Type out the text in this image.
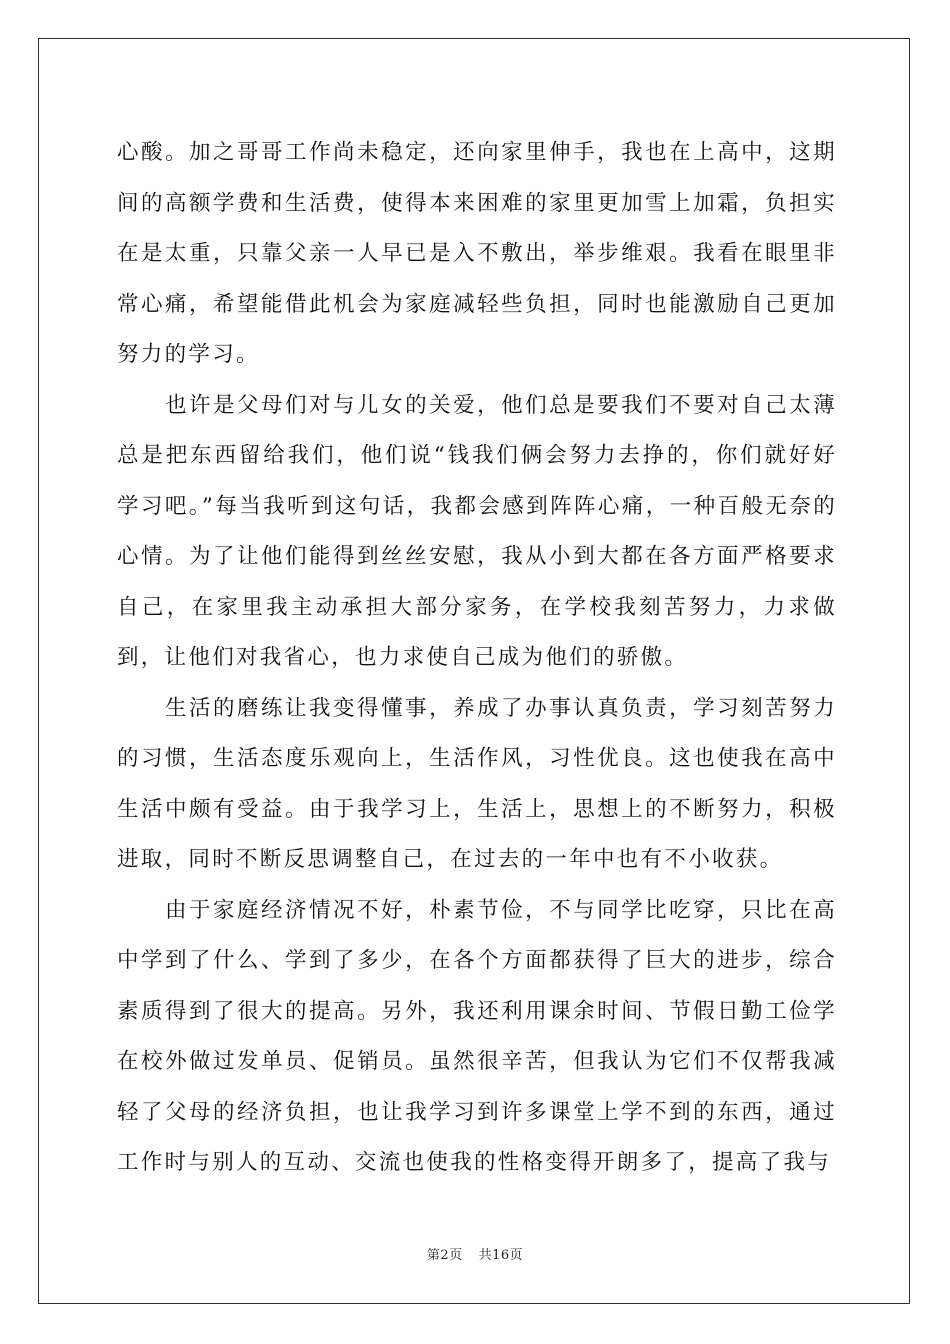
心酸。加之哥哥工作尚未稳定，还向家里伸手，我也在上高中，这期间的高额学费和生活费，使得本来困难的家里更加雪上加霜，负担实在是太重，只靠父亲一人早已是入不敷出，举步维艰。我看在眼里非常心痛，希望能借此机会为家庭减轻些负担，同时也能激励自己更加努力的学习。

也许是父母们对与儿女的关爱，他们总是要我们不要对自己太薄总是把东西留给我们，他们说“钱我们俩会努力去挣的，你们就好好学习吧。”每当我听到这句话，我都会感到阵阵心痛，一种百般无奈的心情。为了让他们能得到丝丝安慰，我从小到大都在各方面严格要求自己，在家里我主动承担大部分家务，在学校我刻苦努力，力求做到，让他们对我省心，也力求使自己成为他们的骄傲。

生活的磨练让我变得懂事，养成了办事认真负责，学习刻苦努力的习惯，生活态度乐观向上，生活作风，习性优良。这也使我在高中生活中颇有受益。由于我学习上，生活上，思想上的不断努力，积极进取，同时不断反思调整自己，在过去的一年中也有不小收获。

由于家庭经济情况不好，朴素节俭，不与同学比吃穿，只比在高中学到了什么、学到了多少，在各个方面都获得了巨大的进步，综合素质得到了很大的提高。另外，我还利用课余时间、节假日勤工俭学在校外做过发单员、促销员。虽然很辛苦，但我认为它们不仅帮我减轻了父母的经济负担，也让我学习到许多课堂上学不到的东西，通过工作时与别人的互动、交流也使我的性格变得开朗多了，提高了我与

第2页 共16页
